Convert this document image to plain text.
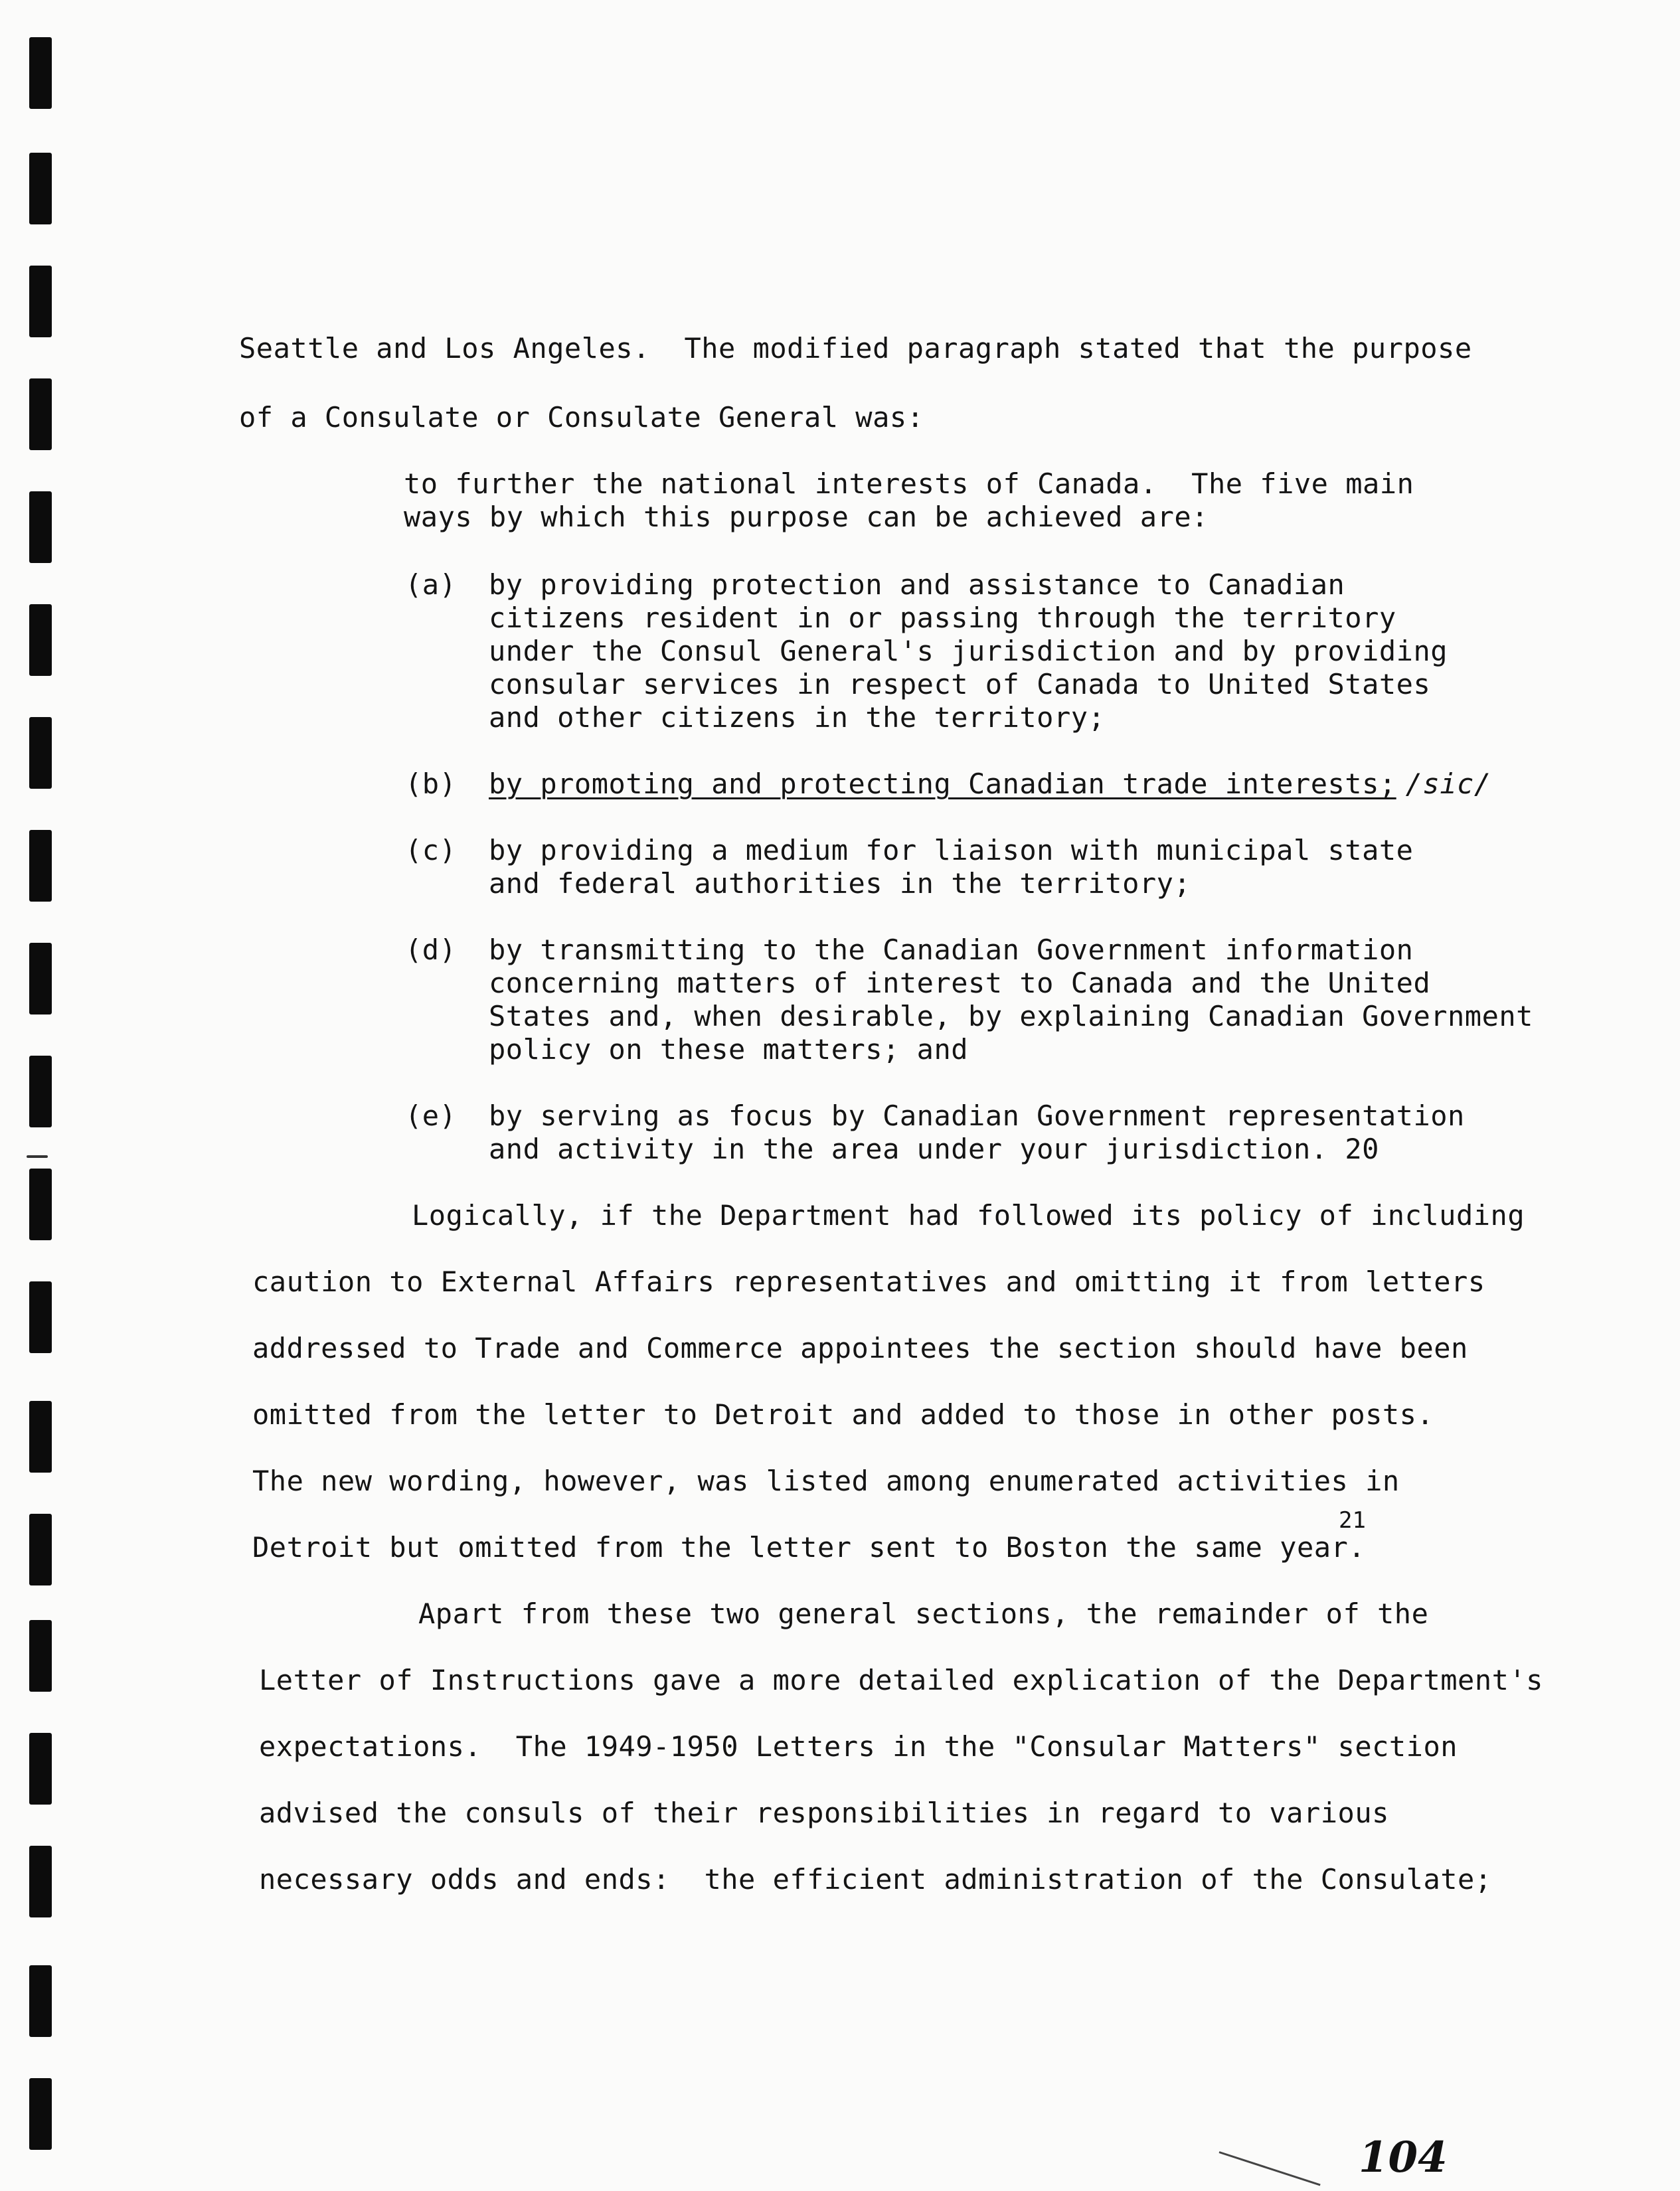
Seattle and Los Angeles.  The modified paragraph stated that the purpose
of a Consulate or Consulate General was:
to further the national interests of Canada.  The five main
ways by which this purpose can be achieved are:
(a) by providing protection and assistance to Canadian
citizens resident in or passing through the territory
under the Consul General's jurisdiction and by providing
consular services in respect of Canada to United States
and other citizens in the territory;
(b) by promoting and protecting Canadian trade interests; /sic/
(c) by providing a medium for liaison with municipal state
and federal authorities in the territory;
(d) by transmitting to the Canadian Government information
concerning matters of interest to Canada and the United
States and, when desirable, by explaining Canadian Government
policy on these matters; and
(e) by serving as focus by Canadian Government representation
and activity in the area under your jurisdiction. 20
Logically, if the Department had followed its policy of including
caution to External Affairs representatives and omitting it from letters
addressed to Trade and Commerce appointees the section should have been
omitted from the letter to Detroit and added to those in other posts.
The new wording, however, was listed among enumerated activities in
Detroit but omitted from the letter sent to Boston the same year.
21
Apart from these two general sections, the remainder of the
Letter of Instructions gave a more detailed explication of the Department's
expectations.  The 1949-1950 Letters in the "Consular Matters" section
advised the consuls of their responsibilities in regard to various
necessary odds and ends:  the efficient administration of the Consulate;
104
